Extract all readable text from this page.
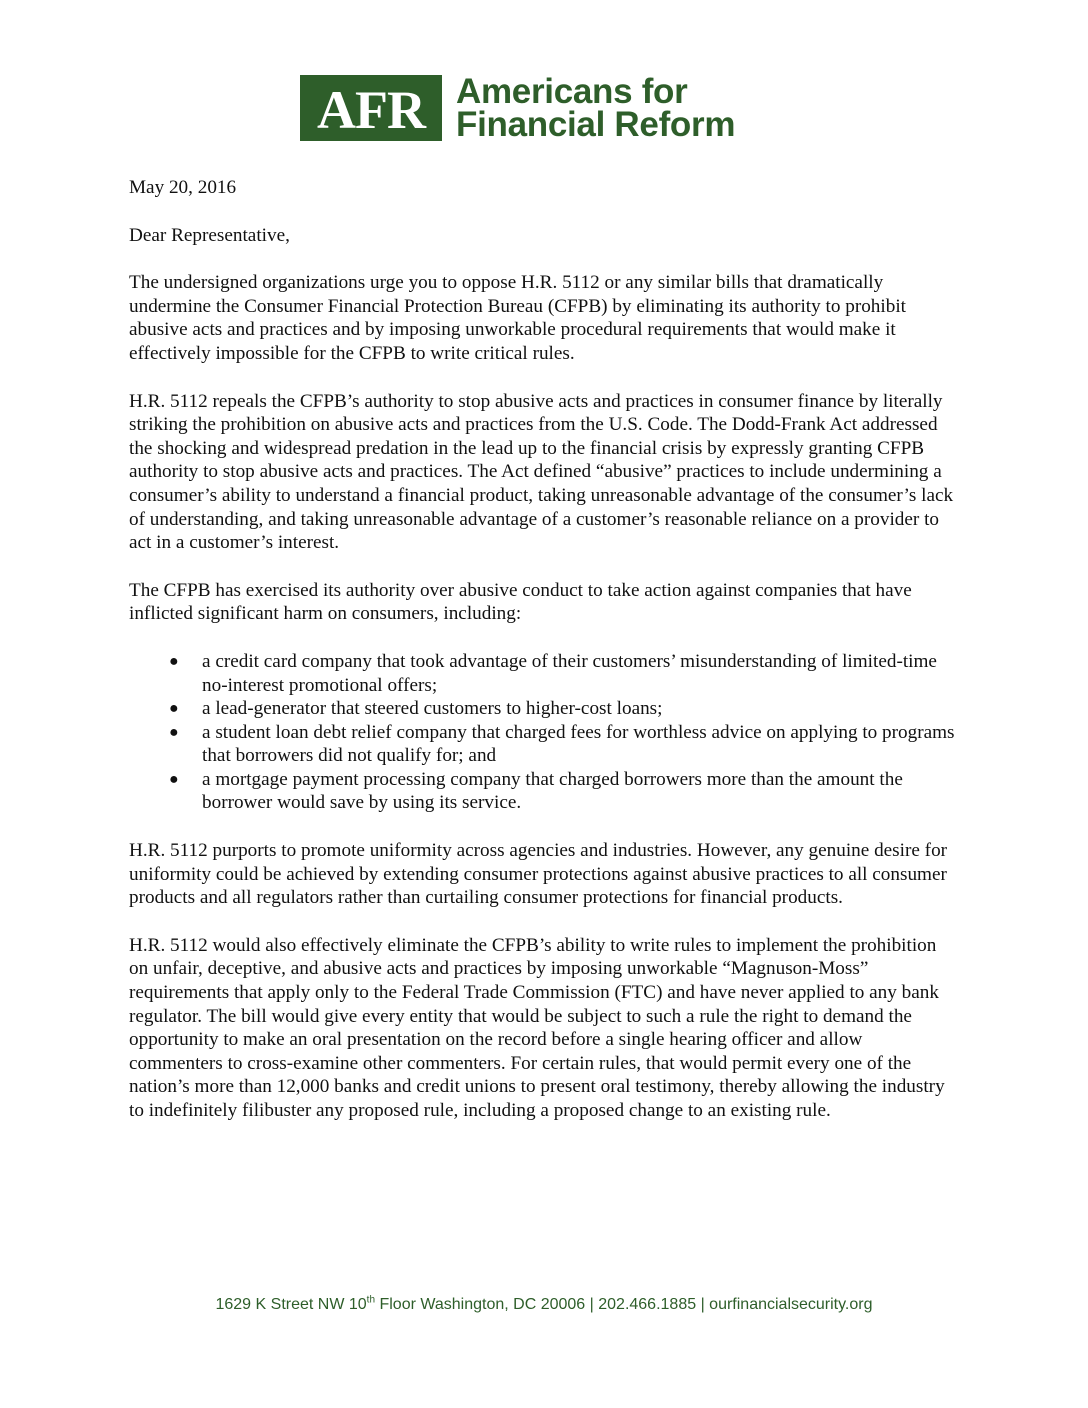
AFR Americans for
Financial Reform

May 20, 2016

Dear Representative,

The undersigned organizations urge you to oppose H.R. 5112 or any similar bills that dramatically undermine the Consumer Financial Protection Bureau (CFPB) by eliminating its authority to prohibit abusive acts and practices and by imposing unworkable procedural requirements that would make it effectively impossible for the CFPB to write critical rules.

H.R. 5112 repeals the CFPB’s authority to stop abusive acts and practices in consumer finance by literally striking the prohibition on abusive acts and practices from the U.S. Code. The Dodd-Frank Act addressed the shocking and widespread predation in the lead up to the financial crisis by expressly granting CFPB authority to stop abusive acts and practices. The Act defined “abusive” practices to include undermining a consumer’s ability to understand a financial product, taking unreasonable advantage of the consumer’s lack of understanding, and taking unreasonable advantage of a customer’s reasonable reliance on a provider to act in a customer’s interest.

The CFPB has exercised its authority over abusive conduct to take action against companies that have inflicted significant harm on consumers, including:

● a credit card company that took advantage of their customers’ misunderstanding of limited-time no-interest promotional offers;
● a lead-generator that steered customers to higher-cost loans;
● a student loan debt relief company that charged fees for worthless advice on applying to programs that borrowers did not qualify for; and
● a mortgage payment processing company that charged borrowers more than the amount the borrower would save by using its service.

H.R. 5112 purports to promote uniformity across agencies and industries. However, any genuine desire for uniformity could be achieved by extending consumer protections against abusive practices to all consumer products and all regulators rather than curtailing consumer protections for financial products.

H.R. 5112 would also effectively eliminate the CFPB’s ability to write rules to implement the prohibition on unfair, deceptive, and abusive acts and practices by imposing unworkable “Magnuson-Moss” requirements that apply only to the Federal Trade Commission (FTC) and have never applied to any bank regulator. The bill would give every entity that would be subject to such a rule the right to demand the opportunity to make an oral presentation on the record before a single hearing officer and allow commenters to cross-examine other commenters. For certain rules, that would permit every one of the nation’s more than 12,000 banks and credit unions to present oral testimony, thereby allowing the industry to indefinitely filibuster any proposed rule, including a proposed change to an existing rule.

1629 K Street NW 10th Floor Washington, DC 20006 | 202.466.1885 | ourfinancialsecurity.org
